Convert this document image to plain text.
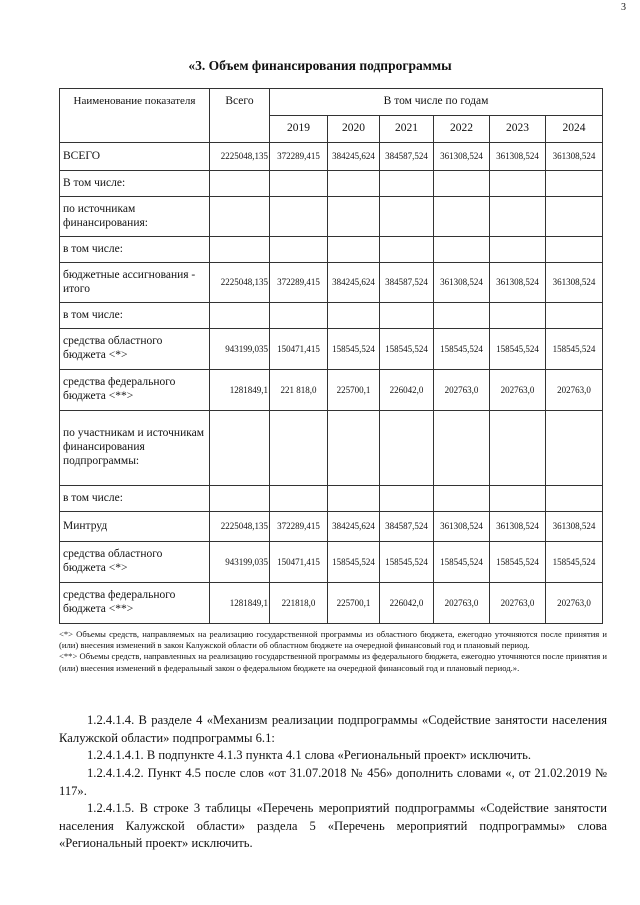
3
«3. Объем финансирования подпрограммы
Наименование показателя	Всего	В том числе по годам					
		2019	2020	2021	2022	2023	2024
ВСЕГО	2225048,135	372289,415	384245,624	384587,524	361308,524	361308,524	361308,524
В том числе:							
по источникам финансирования:							
в том числе:							
бюджетные ассигнования - итого	2225048,135	372289,415	384245,624	384587,524	361308,524	361308,524	361308,524
в том числе:							
средства областного бюджета <*>	943199,035	150471,415	158545,524	158545,524	158545,524	158545,524	158545,524
средства федерального бюджета <**>	1281849,1	221 818,0	225700,1	226042,0	202763,0	202763,0	202763,0
по участникам и источникам финансирования подпрограммы:							
в том числе:							
Минтруд	2225048,135	372289,415	384245,624	384587,524	361308,524	361308,524	361308,524
средства областного бюджета <*>	943199,035	150471,415	158545,524	158545,524	158545,524	158545,524	158545,524
средства федерального бюджета <**>	1281849,1	221818,0	225700,1	226042,0	202763,0	202763,0	202763,0

<*> Объемы средств, направляемых на реализацию государственной программы из областного бюджета, ежегодно уточняются после принятия и (или) внесения изменений в закон Калужской области об областном бюджете на очередной финансовый год и плановый период.

<**> Объемы средств, направленных на реализацию государственной программы из федерального бюджета, ежегодно уточняются после принятия и (или) внесения изменений в федеральный закон о федеральном бюджете на очередной финансовый год и плановый период.».

1.2.4.1.4. В разделе 4 «Механизм реализации подпрограммы «Содействие занятости населения Калужской области» подпрограммы 6.1:

1.2.4.1.4.1. В подпункте 4.1.3 пункта 4.1 слова «Региональный проект» исключить.

1.2.4.1.4.2. Пункт 4.5 после слов «от 31.07.2018 № 456» дополнить словами «, от 21.02.2019 № 117».

1.2.4.1.5. В строке 3 таблицы «Перечень мероприятий подпрограммы «Содействие занятости населения Калужской области» раздела 5 «Перечень мероприятий подпрограммы» слова «Региональный проект» исключить.
